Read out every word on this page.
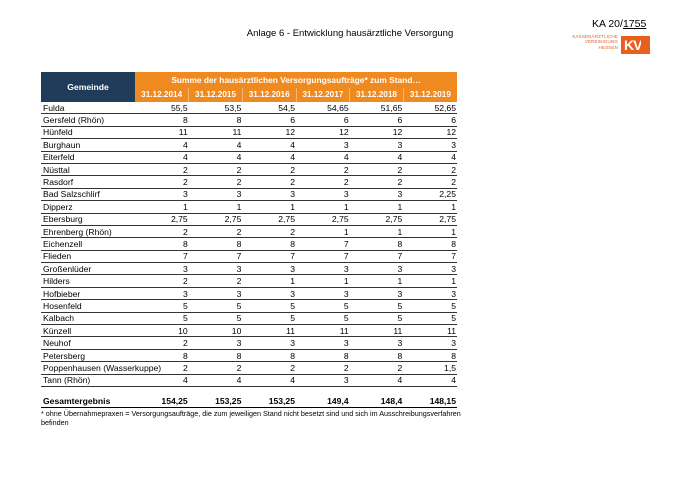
Anlage 6 - Entwicklung hausärztliche Versorgung
KA 20/1755
KASSENÄRZTLICHE
VEREINIGUNG
HESSEN KV
Gemeinde	Summe der hausärztlichen Versorgungsaufträge* zum Stand…					
	31.12.2014	31.12.2015	31.12.2016	31.12.2017	31.12.2018	31.12.2019
Fulda	55,5	53,5	54,5	54,65	51,65	52,65
Gersfeld (Rhön)	8	8	6	6	6	6
Hünfeld	11	11	12	12	12	12
Burghaun	4	4	4	3	3	3
Eiterfeld	4	4	4	4	4	4
Nüsttal	2	2	2	2	2	2
Rasdorf	2	2	2	2	2	2
Bad Salzschlirf	3	3	3	3	3	2,25
Dipperz	1	1	1	1	1	1
Ebersburg	2,75	2,75	2,75	2,75	2,75	2,75
Ehrenberg (Rhön)	2	2	2	1	1	1
Eichenzell	8	8	8	7	8	8
Flieden	7	7	7	7	7	7
Großenlüder	3	3	3	3	3	3
Hilders	2	2	1	1	1	1
Hofbieber	3	3	3	3	3	3
Hosenfeld	5	5	5	5	5	5
Kalbach	5	5	5	5	5	5
Künzell	10	10	11	11	11	11
Neuhof	2	3	3	3	3	3
Petersberg	8	8	8	8	8	8
Poppenhausen (Wasserkuppe)	2	2	2	2	2	1,5
Tann (Rhön)	4	4	4	3	4	4

Gesamtergebnis	154,25	153,25	153,25	149,4	148,4	148,15
* ohne Übernahmepraxen = Versorgungsaufträge, die zum jeweiligen Stand nicht besetzt sind und sich im Ausschreibungsverfahren befinden
